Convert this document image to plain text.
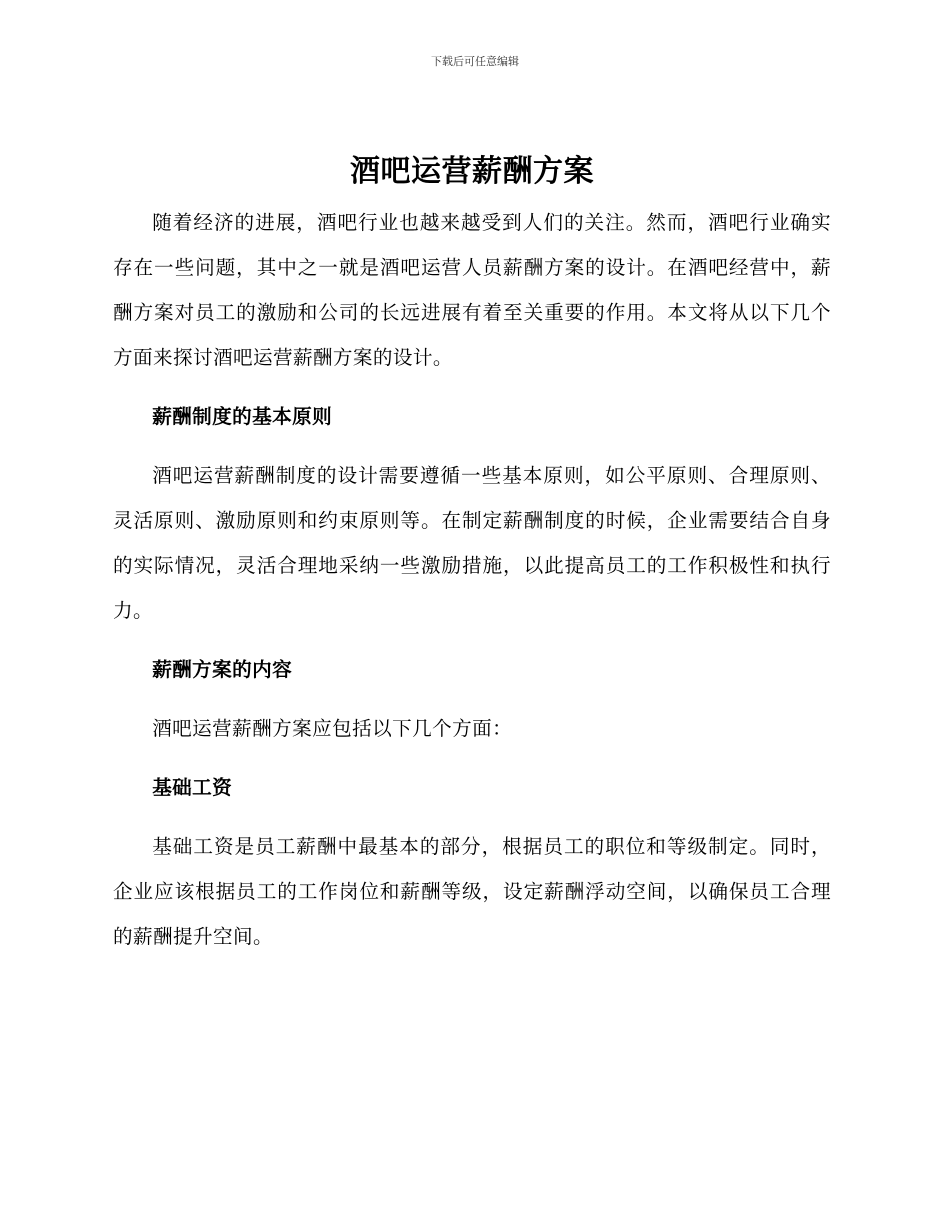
下载后可任意编辑
酒吧运营薪酬方案

随着经济的进展，酒吧行业也越来越受到人们的关注。然而，酒吧行业确实存在一些问题，其中之一就是酒吧运营人员薪酬方案的设计。在酒吧经营中，薪酬方案对员工的激励和公司的长远进展有着至关重要的作用。本文将从以下几个方面来探讨酒吧运营薪酬方案的设计。

薪酬制度的基本原则

酒吧运营薪酬制度的设计需要遵循一些基本原则，如公平原则、合理原则、灵活原则、激励原则和约束原则等。在制定薪酬制度的时候，企业需要结合自身的实际情况，灵活合理地采纳一些激励措施，以此提高员工的工作积极性和执行力。

薪酬方案的内容

酒吧运营薪酬方案应包括以下几个方面：

基础工资

基础工资是员工薪酬中最基本的部分，根据员工的职位和等级制定。同时，企业应该根据员工的工作岗位和薪酬等级，设定薪酬浮动空间，以确保员工合理的薪酬提升空间。
